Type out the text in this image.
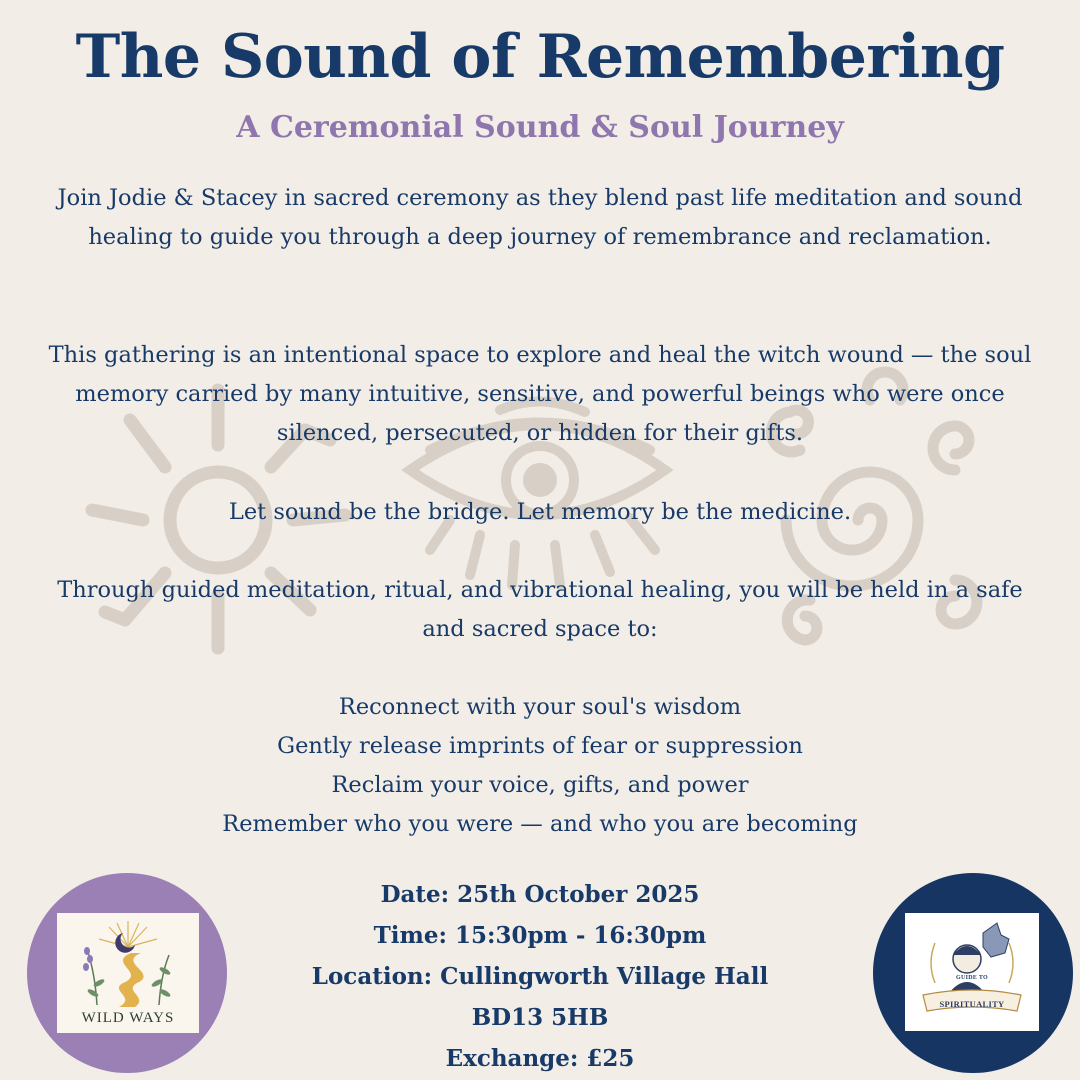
The Sound of Remembering
A Ceremonial Sound & Soul Journey
Join Jodie & Stacey in sacred ceremony as they blend past life meditation and sound healing to guide you through a deep journey of remembrance and reclamation.
This gathering is an intentional space to explore and heal the witch wound — the soul memory carried by many intuitive, sensitive, and powerful beings who were once silenced, persecuted, or hidden for their gifts.
Let sound be the bridge. Let memory be the medicine.
Through guided meditation, ritual, and vibrational healing, you will be held in a safe and sacred space to:
Reconnect with your soul's wisdom
Gently release imprints of fear or suppression
Reclaim your voice, gifts, and power
Remember who you were — and who you are becoming
Date: 25th October 2025
Time: 15:30pm - 16:30pm
Location: Cullingworth Village Hall
BD13 5HB
Exchange: £25
WILD WAYS
GUIDE TO
SPIRITUALITY
